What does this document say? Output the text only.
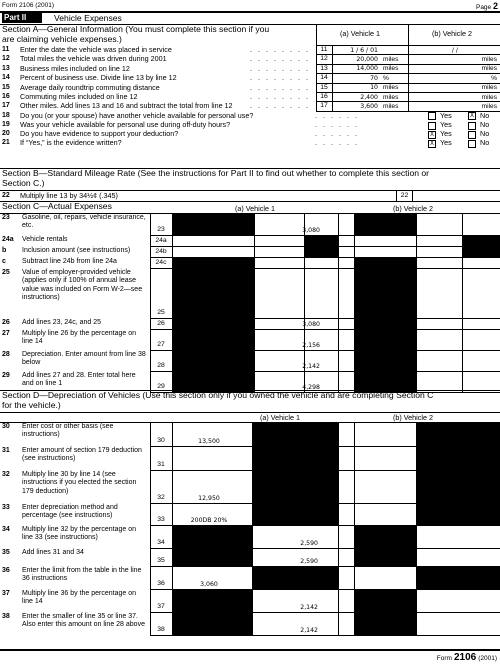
Form 2106 (2001)	Page 2
Part II	Vehicle Expenses
Section A—General Information (You must complete this section if you
are claiming vehicle expenses.)
(a) Vehicle 1	(b) Vehicle 2
11 Enter the date the vehicle was placed in service	. . . . . . . .	11	1 / 6 / 01	/ /
12 Total miles the vehicle was driven during 2001	. . . . . . . .	12	20,000 miles	miles
13 Business miles included on line 12	. . . . . . . .	13	14,000 miles	miles
14 Percent of business use. Divide line 13 by line 12	. . . . . . . .	14	70 %	%
15 Average daily roundtrip commuting distance	. . . . . . . .	15	10 miles	miles
16 Commuting miles included on line 12	. . . . . . . .	16	2,400 miles	miles
17 Other miles. Add lines 13 and 16 and subtract the total from line 12 . . . . . . . .	17	3,600 miles	miles
18 Do you (or your spouse) have another vehicle available for personal use?	. . . . . .	Yes	X No
19 Was your vehicle available for personal use during off-duty hours?	. . . . . .	Yes	No
20 Do you have evidence to support your deduction?	. . . . . .	X Yes	No
21 If “Yes,” is the evidence written?	. . . . . .	X Yes	No
Section B—Standard Mileage Rate (See the instructions for Part II to find out whether to complete this section or
Section C.)
22 Multiply line 13 by 34½¢ (.345)	22
Section C—Actual Expenses	(a) Vehicle 1	(b) Vehicle 2
23 Gasoline, oil, repairs, vehicle insurance, etc.
23	3,080
24a Vehicle rentals	24a
b Inclusion amount (see instructions)	24b
c Subtract line 24b from line 24a	24c
25 Value of employer-provided vehicle (applies only if 100% of annual lease value was included on Form W-2—see instructions)
25
26 Add lines 23, 24c, and 25	26	3,080
27 Multiply line 26 by the percentage on line 14	27	2,156
28 Depreciation. Enter amount from line 38 below	28	2,142
29 Add lines 27 and 28. Enter total here and on line 1	29	4,298
Section D—Depreciation of Vehicles (Use this section only if you owned the vehicle and are completing Section C
for the vehicle.)
(a) Vehicle 1	(b) Vehicle 2
30 Enter cost or other basis (see instructions)
30	13,500
31 Enter amount of section 179 deduction (see instructions)
31
32 Multiply line 30 by line 14 (see instructions if you elected the section 179 deduction)
32	12,950
33 Enter depreciation method and percentage (see instructions)
33	200DB 20%
34 Multiply line 32 by the percentage on line 33 (see instructions)
34	2,590
35 Add lines 31 and 34
35	2,590
36 Enter the limit from the table in the line 36 instructions
36	3,060
37 Multiply line 36 by the percentage on line 14
37	2,142
38 Enter the smaller of line 35 or line 37. Also enter this amount on line 28 above
38	2,142
Form 2106 (2001)
